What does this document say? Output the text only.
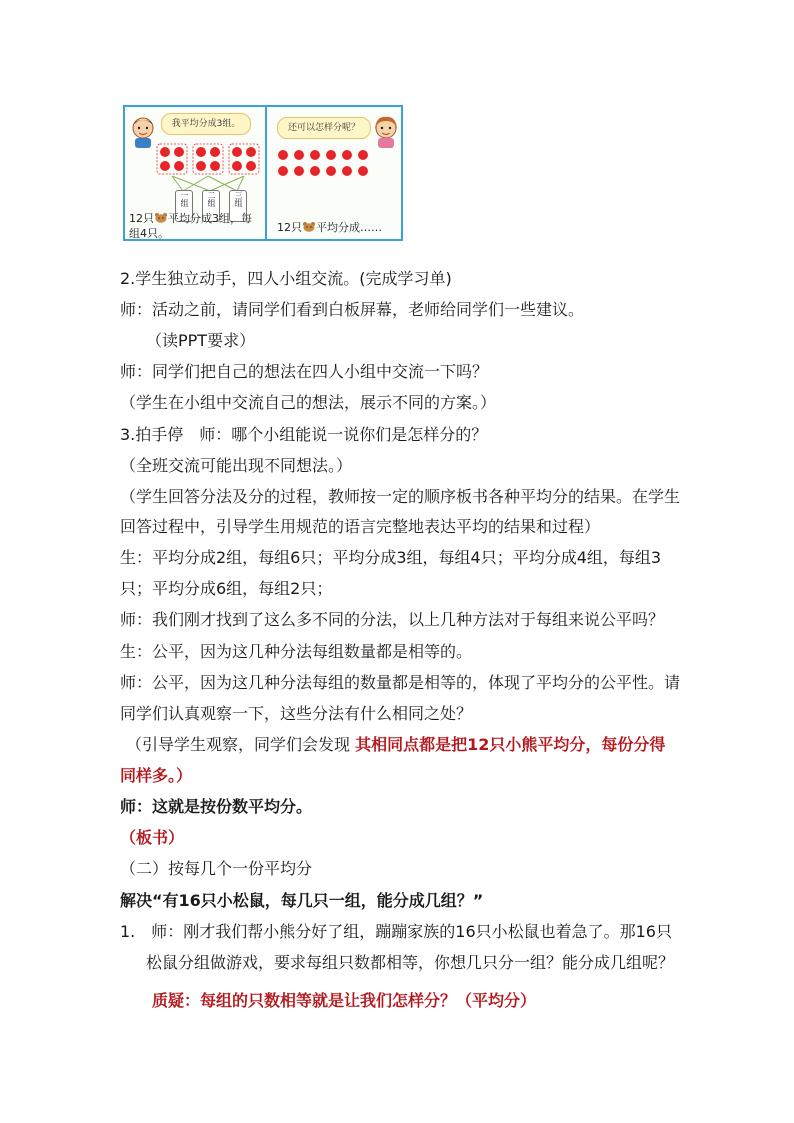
我平均分成3组。
一组	二组	三组
12只 平均分成3组，每
组4只。
还可以怎样分呢？
12只 平均分成……

2.学生独立动手，四人小组交流。(完成学习单)

师：活动之前，请同学们看到白板屏幕，老师给同学们一些建议。

（读PPT要求）

师：同学们把自己的想法在四人小组中交流一下吗？

（学生在小组中交流自己的想法，展示不同的方案。）

3.拍手停　师：哪个小组能说一说你们是怎样分的？

（全班交流可能出现不同想法。）

（学生回答分法及分的过程，教师按一定的顺序板书各种平均分的结果。在学生

回答过程中，引导学生用规范的语言完整地表达平均的结果和过程）

生：平均分成2组，每组6只；平均分成3组，每组4只；平均分成4组，每组3

只；平均分成6组，每组2只；

师：我们刚才找到了这么多不同的分法，以上几种方法对于每组来说公平吗？

生：公平，因为这几种分法每组数量都是相等的。

师：公平，因为这几种分法每组的数量都是相等的，体现了平均分的公平性。请

同学们认真观察一下，这些分法有什么相同之处？

（引导学生观察，同学们会发现 其相同点都是把12只小熊平均分，每份分得

同样多。）

师：这就是按份数平均分。

（板书）

（二）按每几个一份平均分

解决“有16只小松鼠，每几只一组，能分成几组？”

1.　师：刚才我们帮小熊分好了组，蹦蹦家族的16只小松鼠也着急了。那16只

松鼠分组做游戏，要求每组只数都相等，你想几只分一组？能分成几组呢？

质疑：每组的只数相等就是让我们怎样分？（平均分）
